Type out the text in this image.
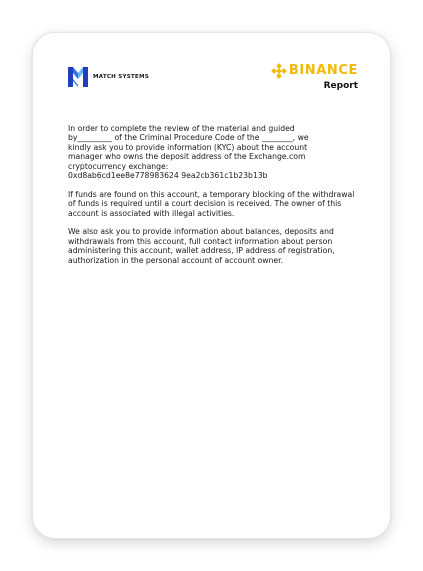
MATCH SYSTEMS	BINANCE
Report

In order to complete the review of the material and guided
by_________ of the Criminal Procedure Code of the ________, we
kindly ask you to provide information (KYC) about the account
manager who owns the deposit address of the Exchange.com
cryptocurrency exchange:
0xd8ab6cd1ee8e778983624 9ea2cb361c1b23b13b

If funds are found on this account, a temporary blocking of the withdrawal of funds is required until a court decision is received. The owner of this account is associated with illegal activities.

We also ask you to provide information about balances, deposits and withdrawals from this account, full contact information about person administering this account, wallet address, IP address of registration, authorization in the personal account of account owner.
